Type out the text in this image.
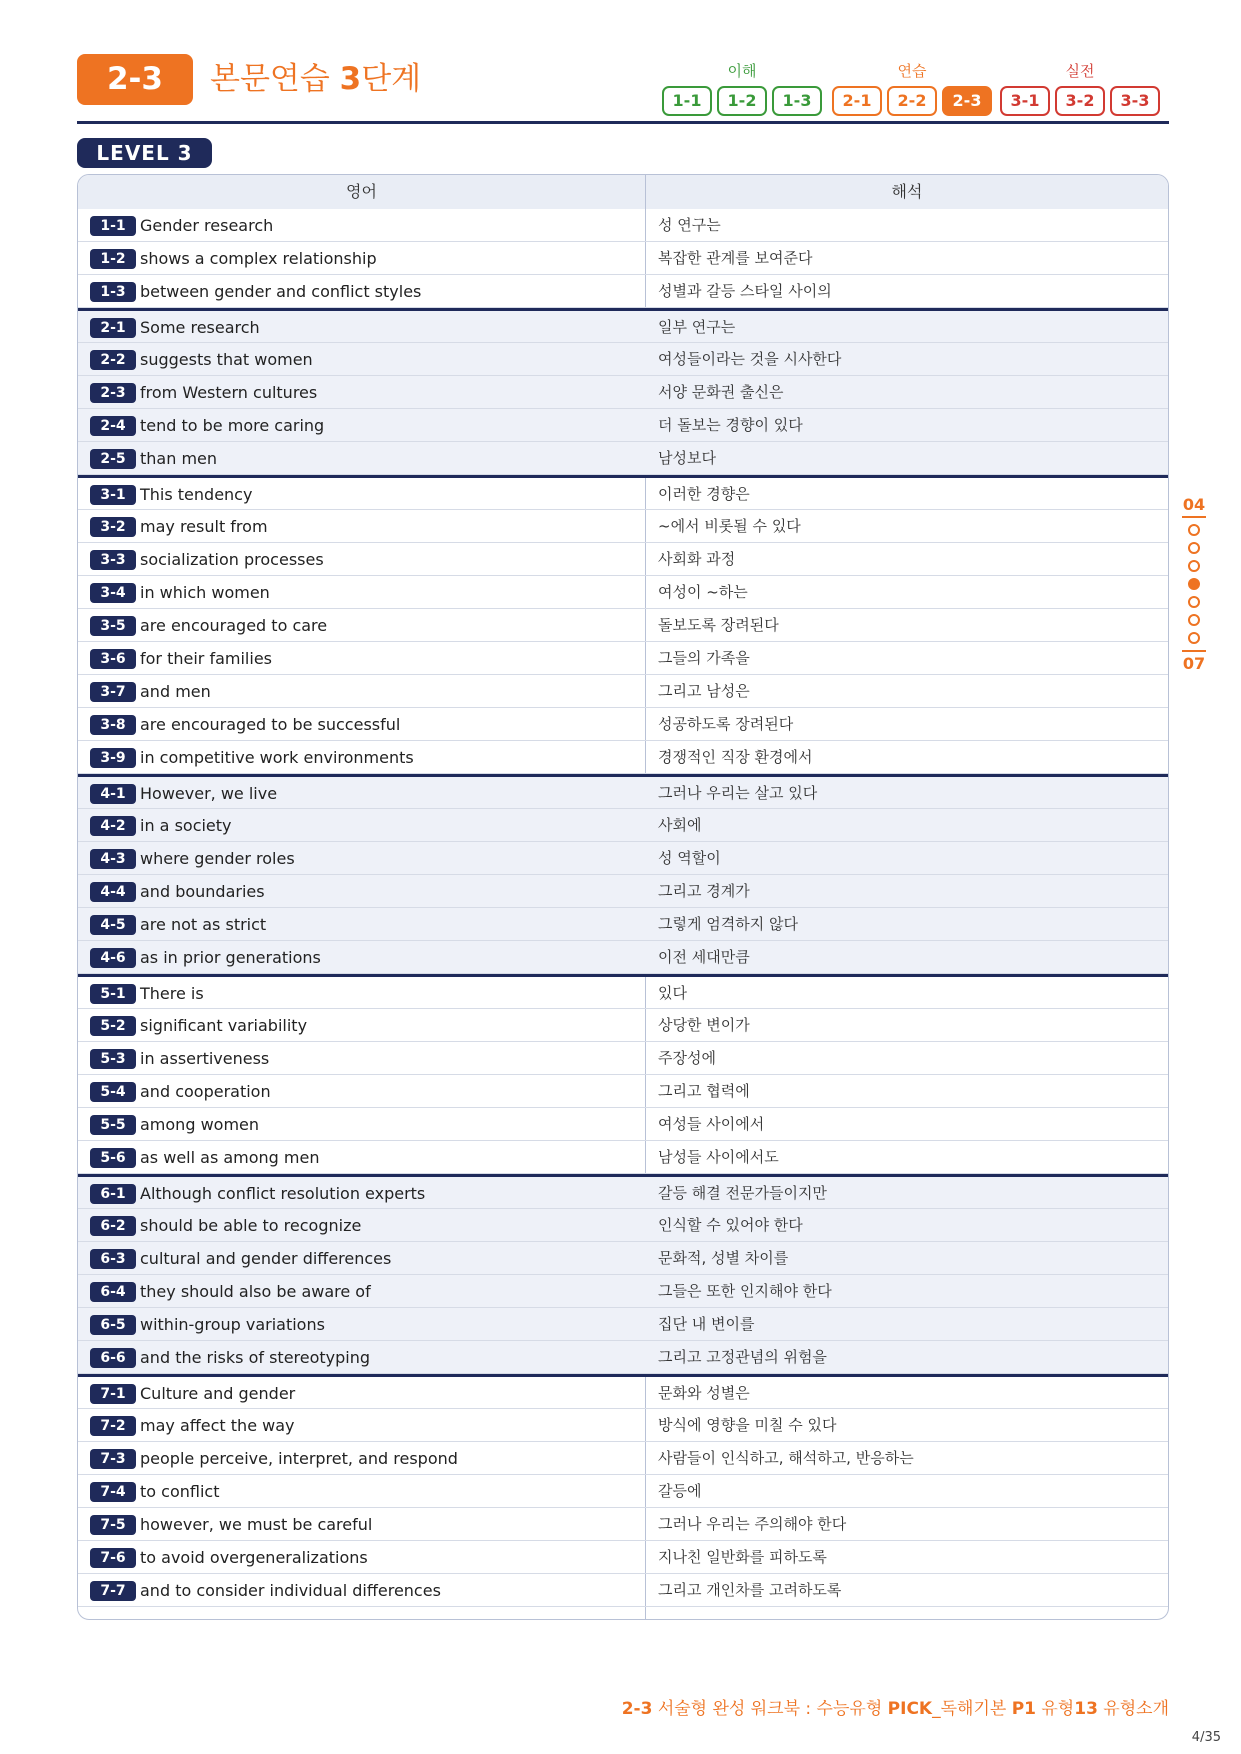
2-3	본문연습 3단계	이해
1-1	1-2	1-3
연습
2-1	2-2	2-3
실전
3-1	3-2	3-3
LEVEL 3
영어	해석
1-1 Gender research	성 연구는
1-2 shows a complex relationship	복잡한 관계를 보여준다
1-3 between gender and conflict styles	성별과 갈등 스타일 사이의
2-1 Some research	일부 연구는
2-2 suggests that women	여성들이라는 것을 시사한다
2-3 from Western cultures	서양 문화권 출신은
2-4 tend to be more caring	더 돌보는 경향이 있다
2-5 than men	남성보다
3-1 This tendency	이러한 경향은
3-2 may result from	~에서 비롯될 수 있다
3-3 socialization processes	사회화 과정
3-4 in which women	여성이 ~하는
3-5 are encouraged to care	돌보도록 장려된다
3-6 for their families	그들의 가족을
3-7 and men	그리고 남성은
3-8 are encouraged to be successful	성공하도록 장려된다
3-9 in competitive work environments	경쟁적인 직장 환경에서
4-1 However, we live	그러나 우리는 살고 있다
4-2 in a society	사회에
4-3 where gender roles	성 역할이
4-4 and boundaries	그리고 경계가
4-5 are not as strict	그렇게 엄격하지 않다
4-6 as in prior generations	이전 세대만큼
5-1 There is	있다
5-2 significant variability	상당한 변이가
5-3 in assertiveness	주장성에
5-4 and cooperation	그리고 협력에
5-5 among women	여성들 사이에서
5-6 as well as among men	남성들 사이에서도
6-1 Although conflict resolution experts	갈등 해결 전문가들이지만
6-2 should be able to recognize	인식할 수 있어야 한다
6-3 cultural and gender differences	문화적, 성별 차이를
6-4 they should also be aware of	그들은 또한 인지해야 한다
6-5 within-group variations	집단 내 변이를
6-6 and the risks of stereotyping	그리고 고정관념의 위험을
7-1 Culture and gender	문화와 성별은
7-2 may affect the way	방식에 영향을 미칠 수 있다
7-3 people perceive, interpret, and respond	사람들이 인식하고, 해석하고, 반응하는
7-4 to conflict	갈등에
7-5 however, we must be careful	그러나 우리는 주의해야 한다
7-6 to avoid overgeneralizations	지나친 일반화를 피하도록
7-7 and to consider individual differences	그리고 개인차를 고려하도록
04
07
2-3 서술형 완성 워크북 : 수능유형 PICK_독해기본 P1 유형13 유형소개
4/35
